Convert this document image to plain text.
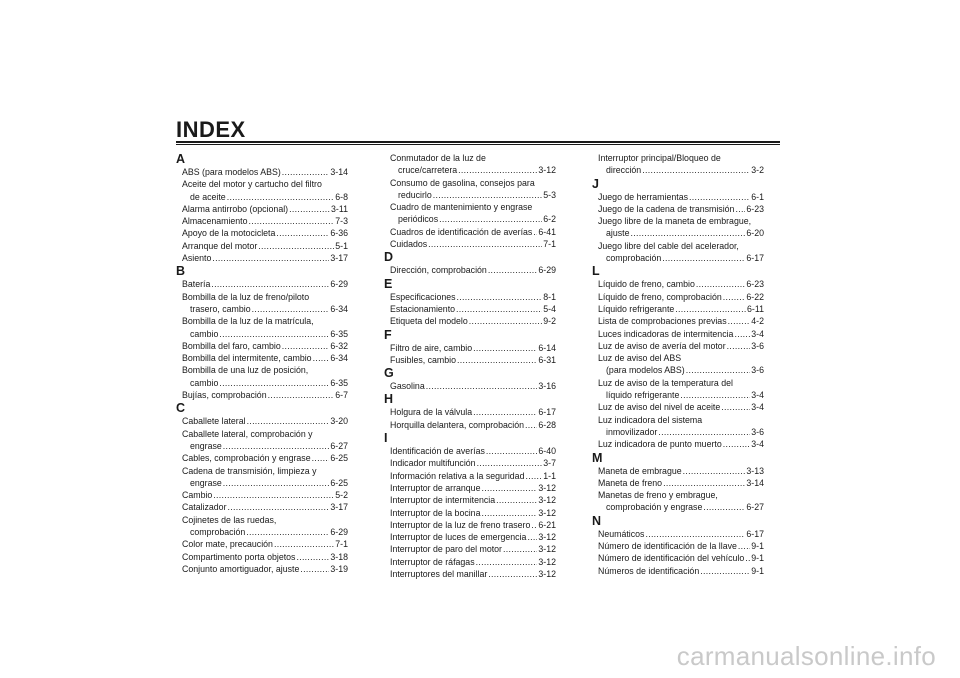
INDEX
A
ABS (para modelos ABS) .....	3-14
Aceite del motor y cartucho del filtro
de aceite .....	6-8
Alarma antirrobo (opcional) .....	3-11
Almacenamiento .....	7-3
Apoyo de la motocicleta .....	6-36
Arranque del motor .....	5-1
Asiento .....	3-17
B
Batería .....	6-29
Bombilla de la luz de freno/piloto
trasero, cambio .....	6-34
Bombilla de la luz de la matrícula,
cambio .....	6-35
Bombilla del faro, cambio .....	6-32
Bombilla del intermitente, cambio ..... 6-34
Bombilla de una luz de posición,
cambio .....	6-35
Bujías, comprobación .....	6-7
C
Caballete lateral .....	3-20
Caballete lateral, comprobación y
engrase .....	6-27
Cables, comprobación y engrase ..... 6-25
Cadena de transmisión, limpieza y
engrase .....	6-25
Cambio .....	5-2
Catalizador .....	3-17
Cojinetes de las ruedas,
comprobación .....	6-29
Color mate, precaución .....	7-1
Compartimento porta objetos .....	3-18
Conjunto amortiguador, ajuste .....	3-19
Conmutador de la luz de
cruce/carretera .....	3-12
Consumo de gasolina, consejos para
reducirlo .....	5-3
Cuadro de mantenimiento y engrase
periódicos .....	6-2
Cuadros de identificación de averías ..... 6-41
Cuidados .....	7-1
D
Dirección, comprobación .....	6-29
E
Especificaciones .....	8-1
Estacionamiento .....	5-4
Etiqueta del modelo .....	9-2
F
Filtro de aire, cambio .....	6-14
Fusibles, cambio .....	6-31
G
Gasolina .....	3-16
H
Holgura de la válvula .....	6-17
Horquilla delantera, comprobación ..... 6-28
I
Identificación de averías .....	6-40
Indicador multifunción .....	3-7
Información relativa a la seguridad ..... 1-1
Interruptor de arranque .....	3-12
Interruptor de intermitencia .....	3-12
Interruptor de la bocina .....	3-12
Interruptor de la luz de freno trasero ..... 6-21
Interruptor de luces de emergencia ..... 3-12
Interruptor de paro del motor .....	3-12
Interruptor de ráfagas .....	3-12
Interruptores del manillar .....	3-12
Interruptor principal/Bloqueo de
dirección .....	3-2
J
Juego de herramientas .....	6-1
Juego de la cadena de transmisión ..... 6-23
Juego libre de la maneta de embrague,
ajuste .....	6-20
Juego libre del cable del acelerador,
comprobación .....	6-17
L
Líquido de freno, cambio .....	6-23
Líquido de freno, comprobación .....	6-22
Líquido refrigerante .....	6-11
Lista de comprobaciones previas .....	4-2
Luces indicadoras de intermitencia ..... 3-4
Luz de aviso de avería del motor .....	3-6
Luz de aviso del ABS
(para modelos ABS) .....	3-6
Luz de aviso de la temperatura del
líquido refrigerante .....	3-4
Luz de aviso del nivel de aceite .....	3-4
Luz indicadora del sistema
inmovilizador .....	3-6
Luz indicadora de punto muerto .....	3-4
M
Maneta de embrague .....	3-13
Maneta de freno .....	3-14
Manetas de freno y embrague,
comprobación y engrase .....	6-27
N
Neumáticos .....	6-17
Número de identificación de la llave ..... 9-1
Número de identificación del vehículo ..... 9-1
Números de identificación .....	9-1
carmanualsonline.info
